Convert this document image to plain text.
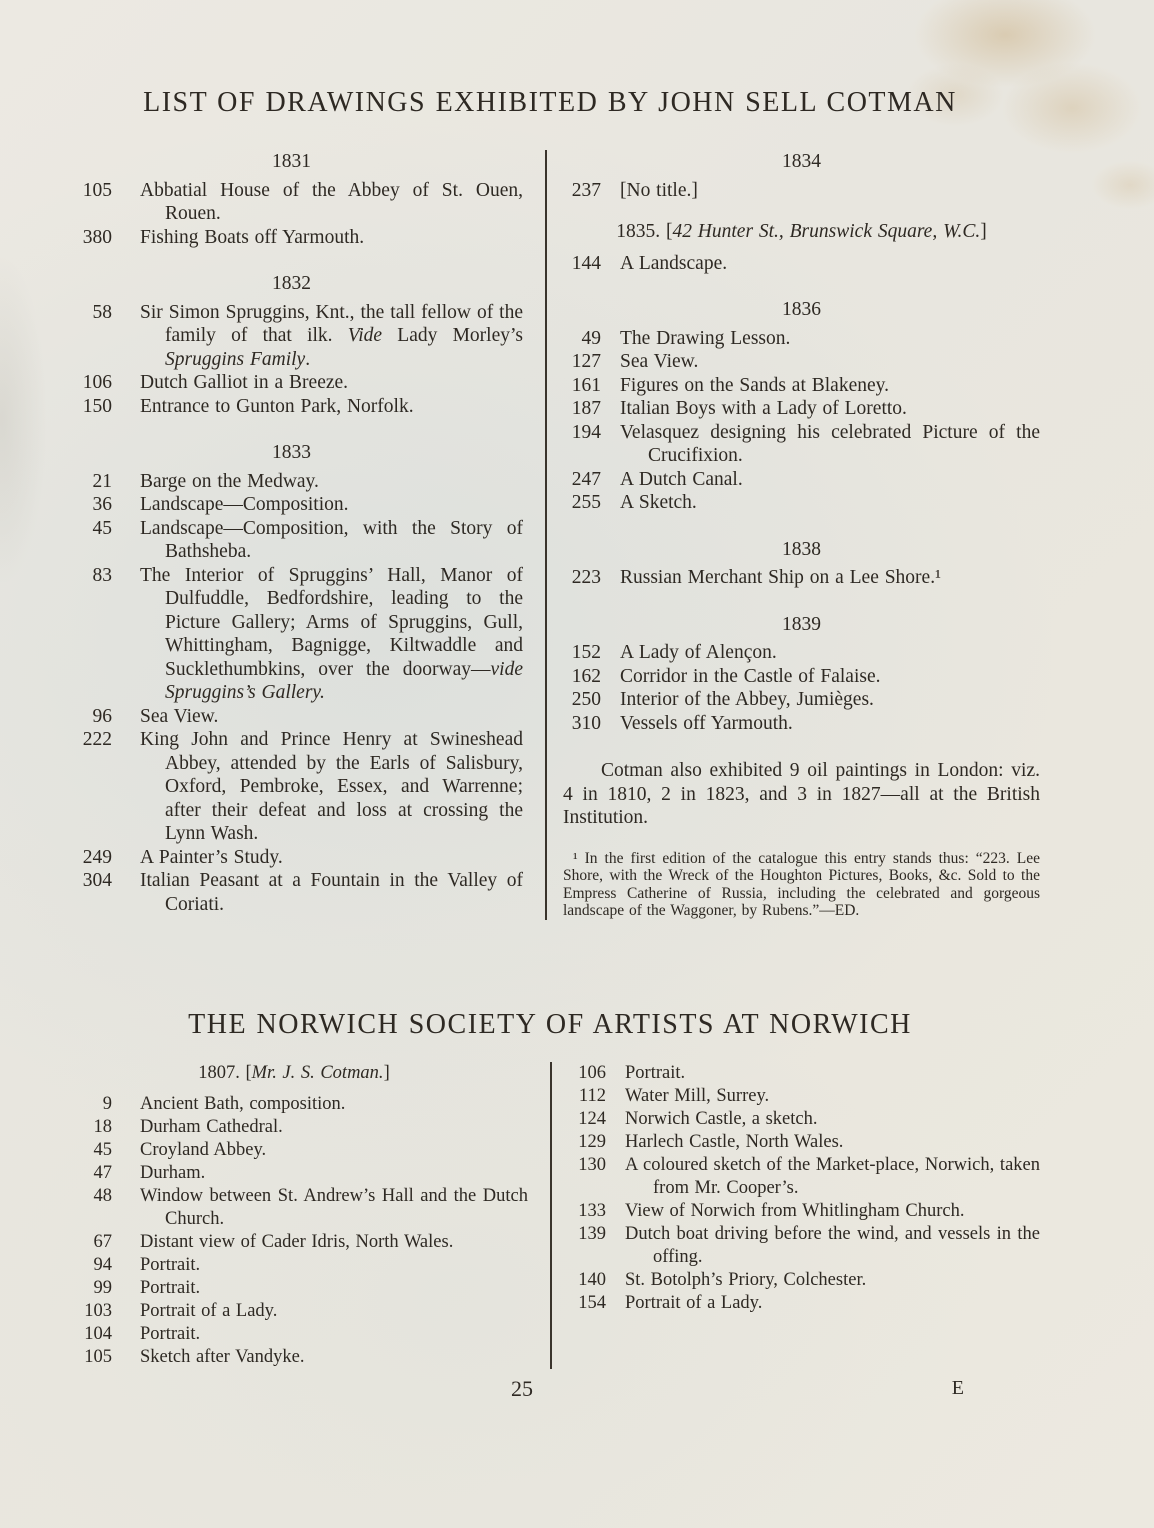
LIST OF DRAWINGS EXHIBITED BY JOHN SELL COTMAN
1831
105 Abbatial House of the Abbey of St. Ouen, Rouen.
380 Fishing Boats off Yarmouth.
1832
58 Sir Simon Spruggins, Knt., the tall fellow of the family of that ilk. Vide Lady Morley’s Spruggins Family.
106 Dutch Galliot in a Breeze.
150 Entrance to Gunton Park, Norfolk.
1833
21 Barge on the Medway.
36 Landscape—Composition.
45 Landscape—Composition, with the Story of Bathsheba.
83 The Interior of Spruggins’ Hall, Manor of Dulfuddle, Bedfordshire, leading to the Picture Gallery; Arms of Spruggins, Gull, Whittingham, Bagnigge, Kiltwaddle and Sucklethumbkins, over the doorway—vide Spruggins’s Gallery.
96 Sea View.
222 King John and Prince Henry at Swineshead Abbey, attended by the Earls of Salisbury, Oxford, Pembroke, Essex, and Warrenne; after their defeat and loss at crossing the Lynn Wash.
249 A Painter’s Study.
304 Italian Peasant at a Fountain in the Valley of Coriati.
1834
237 [No title.]
1835. [42 Hunter St., Brunswick Square, W.C.]
144 A Landscape.
1836
49 The Drawing Lesson.
127 Sea View.
161 Figures on the Sands at Blakeney.
187 Italian Boys with a Lady of Loretto.
194 Velasquez designing his celebrated Picture of the Crucifixion.
247 A Dutch Canal.
255 A Sketch.
1838
223 Russian Merchant Ship on a Lee Shore.¹
1839
152 A Lady of Alençon.
162 Corridor in the Castle of Falaise.
250 Interior of the Abbey, Jumièges.
310 Vessels off Yarmouth.
Cotman also exhibited 9 oil paintings in London: viz. 4 in 1810, 2 in 1823, and 3 in 1827—all at the British Institution.
¹ In the first edition of the catalogue this entry stands thus: “223. Lee Shore, with the Wreck of the Houghton Pictures, Books, &c. Sold to the Empress Catherine of Russia, including the celebrated and gorgeous landscape of the Waggoner, by Rubens.”—ED.
THE NORWICH SOCIETY OF ARTISTS AT NORWICH
1807. [Mr. J. S. Cotman.]
9 Ancient Bath, composition.
18 Durham Cathedral.
45 Croyland Abbey.
47 Durham.
48 Window between St. Andrew’s Hall and the Dutch Church.
67 Distant view of Cader Idris, North Wales.
94 Portrait.
99 Portrait.
103 Portrait of a Lady.
104 Portrait.
105 Sketch after Vandyke.
106 Portrait.
112 Water Mill, Surrey.
124 Norwich Castle, a sketch.
129 Harlech Castle, North Wales.
130 A coloured sketch of the Market-place, Norwich, taken from Mr. Cooper’s.
133 View of Norwich from Whitlingham Church.
139 Dutch boat driving before the wind, and vessels in the offing.
140 St. Botolph’s Priory, Colchester.
154 Portrait of a Lady.
25	E
